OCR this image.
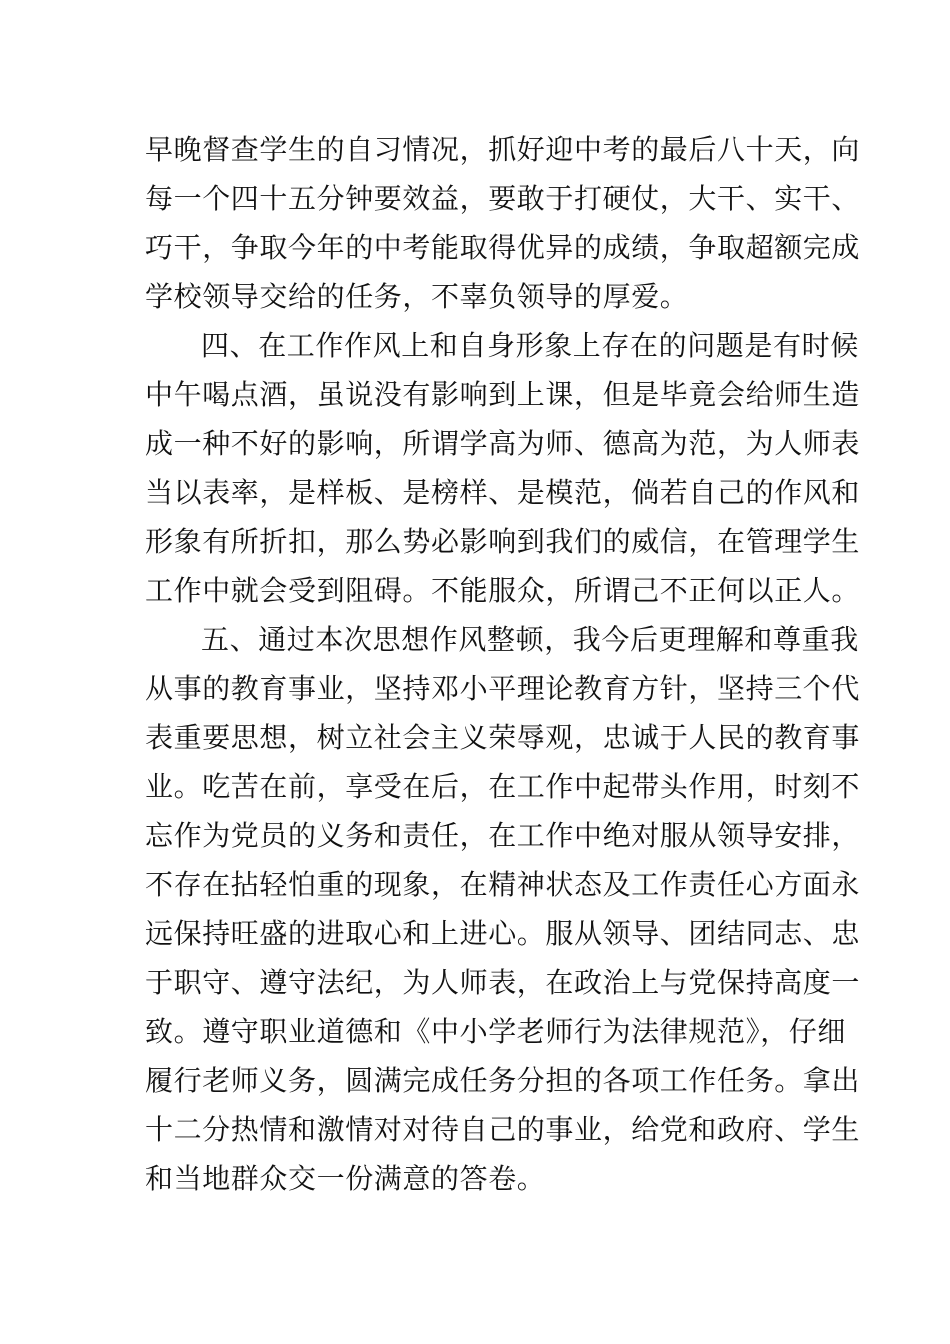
早晚督查学生的自习情况，抓好迎中考的最后八十天，向
每一个四十五分钟要效益，要敢于打硬仗，大干、实干、
巧干，争取今年的中考能取得优异的成绩，争取超额完成
学校领导交给的任务，不辜负领导的厚爱。
四、在工作作风上和自身形象上存在的问题是有时候
中午喝点酒，虽说没有影响到上课，但是毕竟会给师生造
成一种不好的影响，所谓学高为师、德高为范，为人师表
当以表率，是样板、是榜样、是模范，倘若自己的作风和
形象有所折扣，那么势必影响到我们的威信，在管理学生
工作中就会受到阻碍。不能服众，所谓己不正何以正人。
五、通过本次思想作风整顿，我今后更理解和尊重我
从事的教育事业，坚持邓小平理论教育方针，坚持三个代
表重要思想，树立社会主义荣辱观，忠诚于人民的教育事
业。吃苦在前，享受在后，在工作中起带头作用，时刻不
忘作为党员的义务和责任，在工作中绝对服从领导安排，
不存在拈轻怕重的现象，在精神状态及工作责任心方面永
远保持旺盛的进取心和上进心。服从领导、团结同志、忠
于职守、遵守法纪，为人师表，在政治上与党保持高度一
致。遵守职业道德和《中小学老师行为法律规范》，仔细
履行老师义务，圆满完成任务分担的各项工作任务。拿出
十二分热情和激情对对待自己的事业，给党和政府、学生
和当地群众交一份满意的答卷。
